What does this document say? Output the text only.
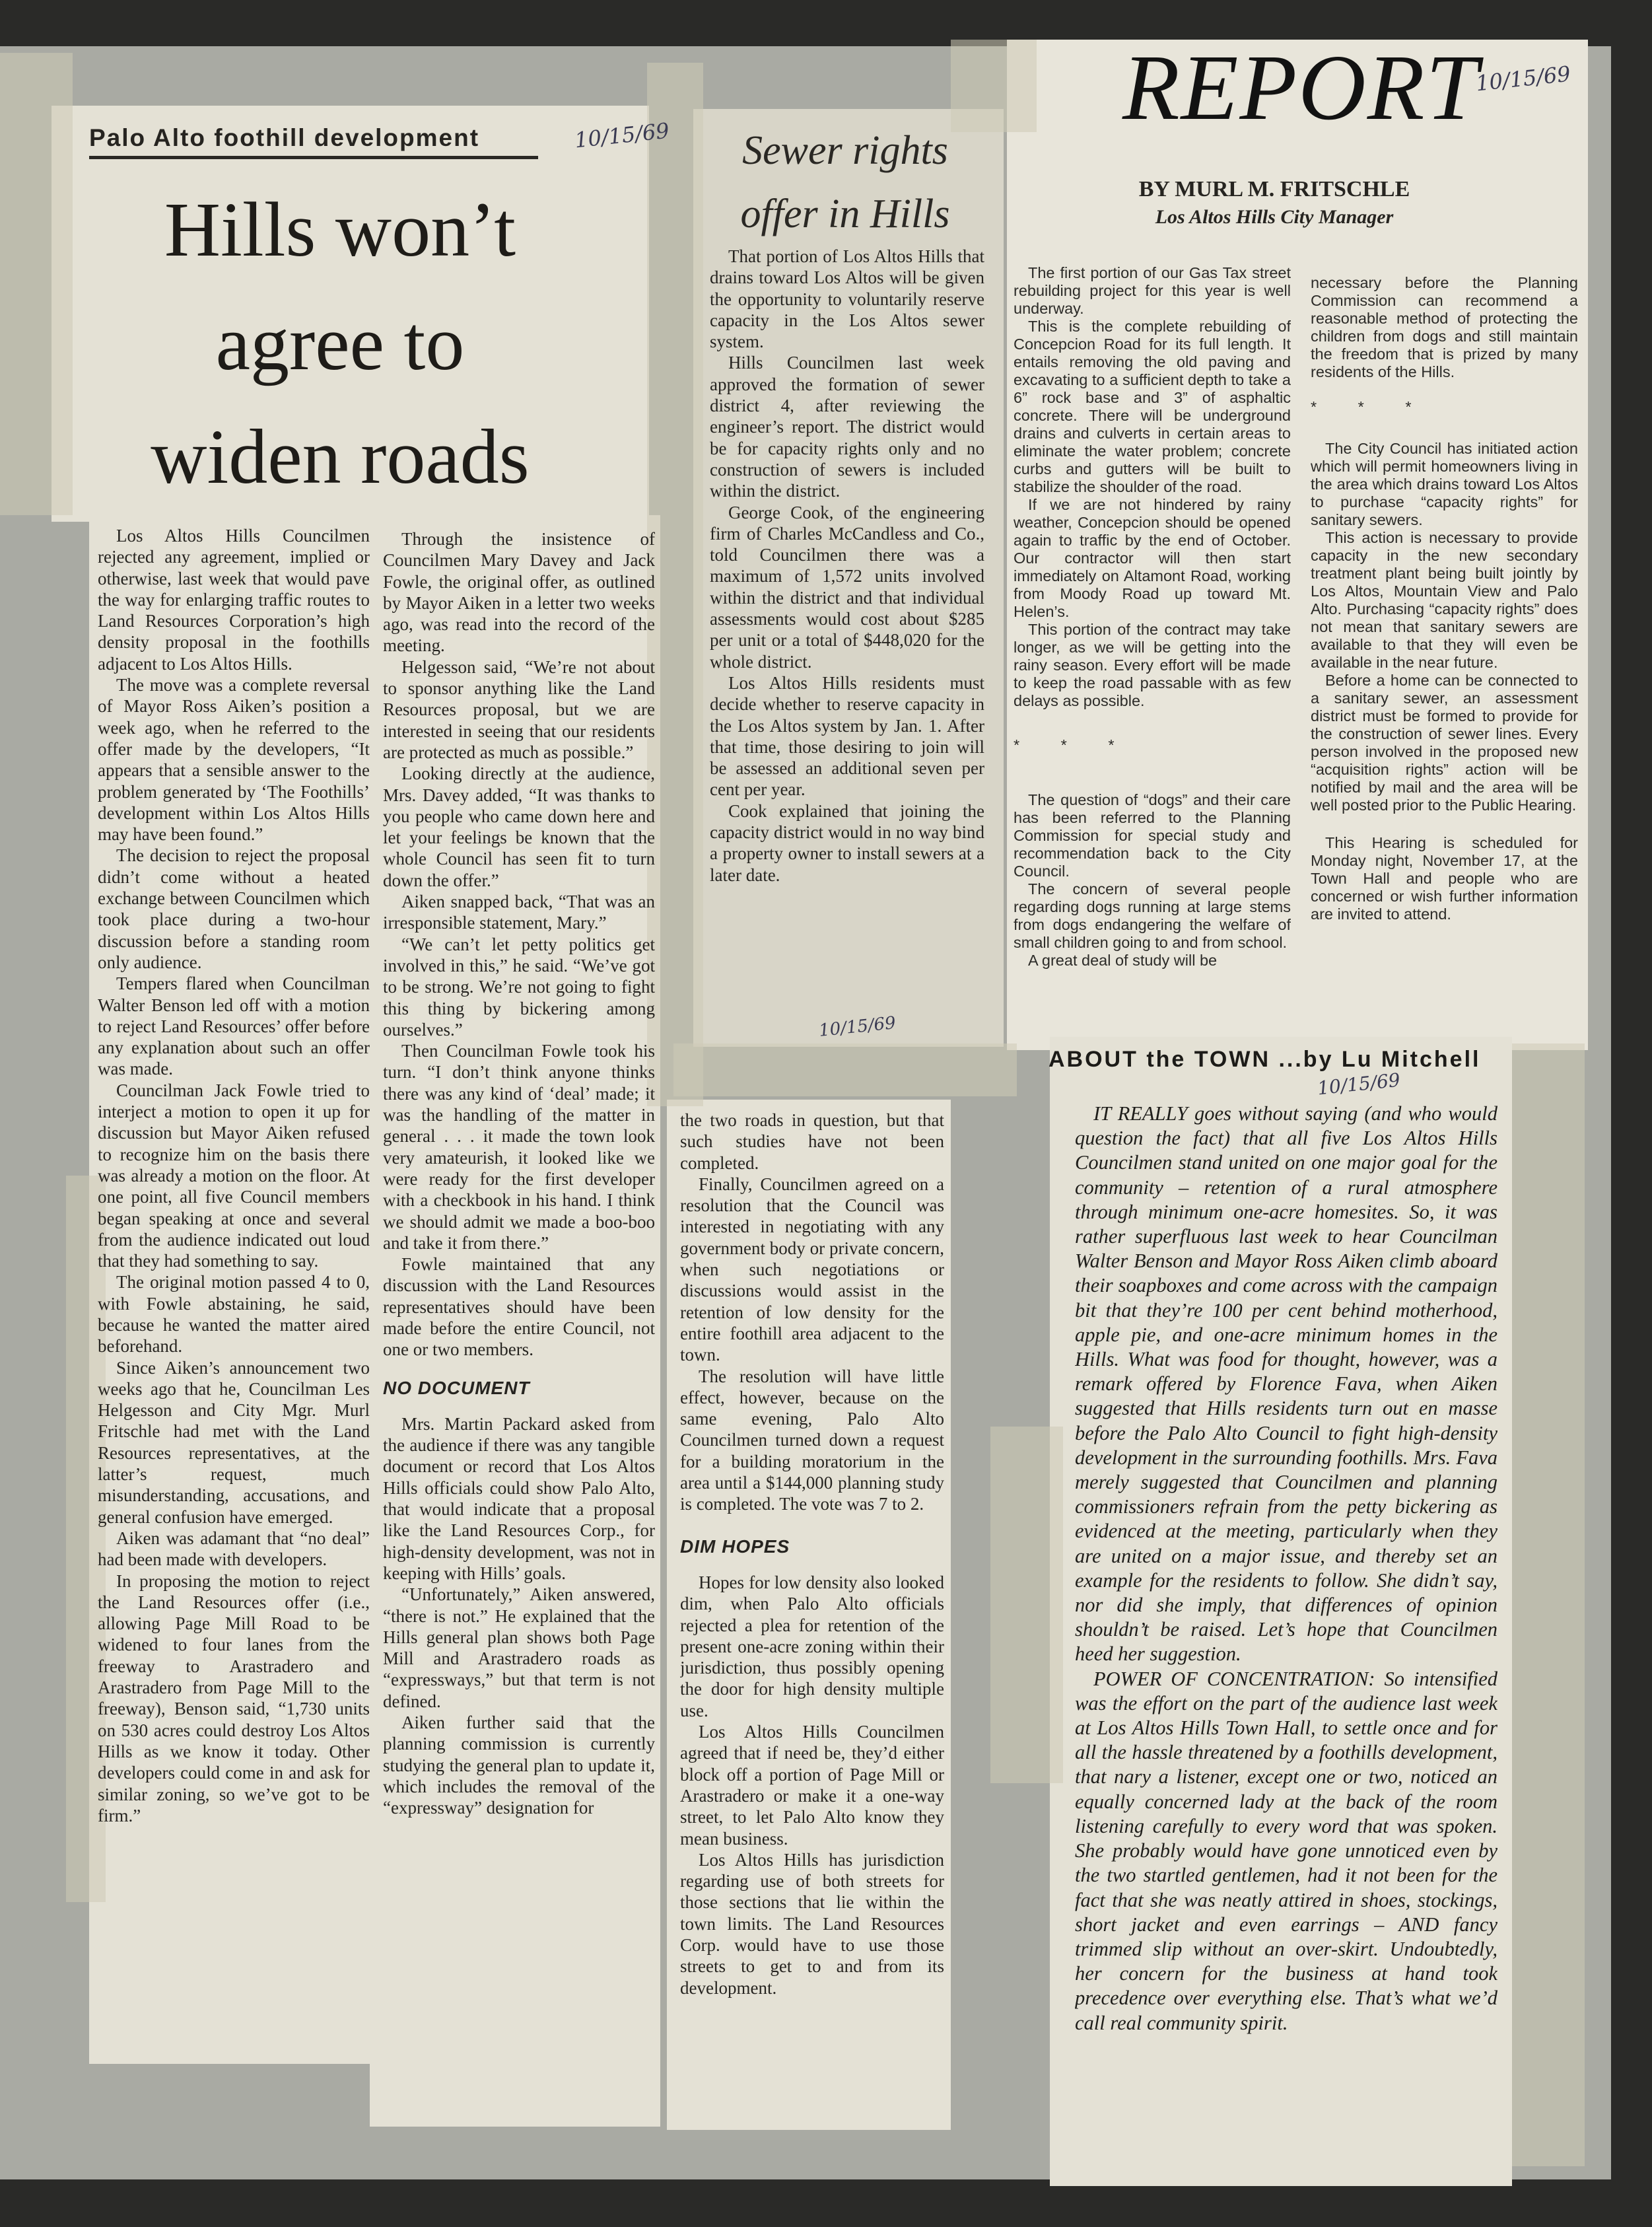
Palo Alto foothill development	10/15/69
Hills won’t
agree to
widen roads

Los Altos Hills Councilmen rejected any agreement, implied or otherwise, last week that would pave the way for enlarging traffic routes to Land Resources Corporation’s high density proposal in the foothills adjacent to Los Altos Hills.

The move was a complete reversal of Mayor Ross Aiken’s position a week ago, when he referred to the offer made by the developers, “It appears that a sensible answer to the problem generated by ‘The Foothills’ development within Los Altos Hills may have been found.”

The decision to reject the proposal didn’t come without a heated exchange between Councilmen which took place during a two-hour discussion before a standing room only audience.

Tempers flared when Councilman Walter Benson led off with a motion to reject Land Resources’ offer before any explanation about such an offer was made.

Councilman Jack Fowle tried to interject a motion to open it up for discussion but Mayor Aiken refused to recognize him on the basis there was already a motion on the floor. At one point, all five Council members began speaking at once and several from the audience indicated out loud that they had something to say.

The original motion passed 4 to 0, with Fowle abstaining, he said, because he wanted the matter aired beforehand.

Since Aiken’s announcement two weeks ago that he, Councilman Les Helgesson and City Mgr. Murl Fritschle had met with the Land Resources representatives, at the latter’s request, much misunderstanding, accusations, and general confusion have emerged.

Aiken was adamant that “no deal” had been made with developers.

In proposing the motion to reject the Land Resources offer (i.e., allowing Page Mill Road to be widened to four lanes from the freeway to Arastradero and Arastradero from Page Mill to the freeway), Benson said, “1,730 units on 530 acres could destroy Los Altos Hills as we know it today. Other developers could come in and ask for similar zoning, so we’ve got to be firm.”

Through the insistence of Councilmen Mary Davey and Jack Fowle, the original offer, as outlined by Mayor Aiken in a letter two weeks ago, was read into the record of the meeting.

Helgesson said, “We’re not about to sponsor anything like the Land Resources proposal, but we are interested in seeing that our residents are protected as much as possible.”

Looking directly at the audience, Mrs. Davey added, “It was thanks to you people who came down here and let your feelings be known that the whole Council has seen fit to turn down the offer.”

Aiken snapped back, “That was an irresponsible statement, Mary.”

“We can’t let petty politics get involved in this,” he said. “We’ve got to be strong. We’re not going to fight this thing by bickering among ourselves.”

Then Councilman Fowle took his turn. “I don’t think anyone thinks there was any kind of ‘deal’ made; it was the handling of the matter in general . . . it made the town look very amateurish, it looked like we were ready for the first developer with a checkbook in his hand. I think we should admit we made a boo-boo and take it from there.”

Fowle maintained that any discussion with the Land Resources representatives should have been made before the entire Council, not one or two members.

NO DOCUMENT

Mrs. Martin Packard asked from the audience if there was any tangible document or record that Los Altos Hills officials could show Palo Alto, that would indicate that a proposal like the Land Resources Corp., for high-density development, was not in keeping with Hills’ goals.

“Unfortunately,” Aiken answered, “there is not.” He explained that the Hills general plan shows both Page Mill and Arastradero roads as “expressways,” but that term is not defined.

Aiken further said that the planning commission is currently studying the general plan to update it, which includes the removal of the “expressway” designation for

the two roads in question, but that such studies have not been completed.

Finally, Councilmen agreed on a resolution that the Council was interested in negotiating with any government body or private concern, when such negotiations or discussions would assist in the retention of low density for the entire foothill area adjacent to the town.

The resolution will have little effect, however, because on the same evening, Palo Alto Councilmen turned down a request for a building moratorium in the area until a $144,000 planning study is completed. The vote was 7 to 2.

DIM HOPES

Hopes for low density also looked dim, when Palo Alto officials rejected a plea for retention of the present one-acre zoning within their jurisdiction, thus possibly opening the door for high density multiple use.

Los Altos Hills Councilmen agreed that if need be, they’d either block off a portion of Page Mill or Arastradero or make it a one-way street, to let Palo Alto know they mean business.

Los Altos Hills has jurisdiction regarding use of both streets for those sections that lie within the town limits. The Land Resources Corp. would have to use those streets to get to and from its development.

Sewer rights
offer in Hills

That portion of Los Altos Hills that drains toward Los Altos will be given the opportunity to voluntarily reserve capacity in the Los Altos sewer system.

Hills Councilmen last week approved the formation of sewer district 4, after reviewing the engineer’s report. The district would be for capacity rights only and no construction of sewers is included within the district.

George Cook, of the engineering firm of Charles McCandless and Co., told Councilmen there was a maximum of 1,572 units involved within the district and that individual assessments would cost about $285 per unit or a total of $448,020 for the whole district.

Los Altos Hills residents must decide whether to reserve capacity in the Los Altos system by Jan. 1. After that time, those desiring to join will be assessed an additional seven per cent per year.

Cook explained that joining the capacity district would in no way bind a property owner to install sewers at a later date.

10/15/69
REPORT
10/15/69
BY MURL M. FRITSCHLE
Los Altos Hills City Manager

The first portion of our Gas Tax street rebuilding project for this year is well underway.

This is the complete rebuilding of Concepcion Road for its full length. It entails removing the old paving and excavating to a sufficient depth to take a 6” rock base and 3” of asphaltic concrete. There will be underground drains and culverts in certain areas to eliminate the water problem; concrete curbs and gutters will be built to stabilize the shoulder of the road.

If we are not hindered by rainy weather, Concepcion should be opened again to traffic by the end of October. Our contractor will then start immediately on Altamont Road, working from Moody Road up toward Mt. Helen’s.

This portion of the contract may take longer, as we will be getting into the rainy season. Every effort will be made to keep the road passable with as few delays as possible.

* * *

The question of “dogs” and their care has been referred to the Planning Commission for special study and recommendation back to the City Council.

The concern of several people regarding dogs running at large stems from dogs endangering the welfare of small children going to and from school.

A great deal of study will be

necessary before the Planning Commission can recommend a reasonable method of protecting the children from dogs and still maintain the freedom that is prized by many residents of the Hills.

* * *

The City Council has initiated action which will permit homeowners living in the area which drains toward Los Altos to purchase “capacity rights” for sanitary sewers.

This action is necessary to provide capacity in the new secondary treatment plant being built jointly by Los Altos, Mountain View and Palo Alto. Purchasing “capacity rights” does not mean that sanitary sewers are available to that they will even be available in the near future.

Before a home can be connected to a sanitary sewer, an assessment district must be formed to provide for the construction of sewer lines. Every person involved in the proposed new “acquisition rights” action will be notified by mail and the area will be well posted prior to the Public Hearing.

This Hearing is scheduled for Monday night, November 17, at the Town Hall and people who are concerned or wish further information are invited to attend.

ABOUT the TOWN ...by Lu Mitchell
10/15/69

IT REALLY goes without saying (and who would question the fact) that all five Los Altos Hills Councilmen stand united on one major goal for the community – retention of a rural atmosphere through minimum one-acre homesites. So, it was rather superfluous last week to hear Councilman Walter Benson and Mayor Ross Aiken climb aboard their soapboxes and come across with the campaign bit that they’re 100 per cent behind motherhood, apple pie, and one-acre minimum homes in the Hills. What was food for thought, however, was a remark offered by Florence Fava, when Aiken suggested that Hills residents turn out en masse before the Palo Alto Council to fight high-density development in the surrounding foothills. Mrs. Fava merely suggested that Councilmen and planning commissioners refrain from the petty bickering as evidenced at the meeting, particularly when they are united on a major issue, and thereby set an example for the residents to follow. She didn’t say, nor did she imply, that differences of opinion shouldn’t be raised. Let’s hope that Councilmen heed her suggestion.

POWER OF CONCENTRATION: So intensified was the effort on the part of the audience last week at Los Altos Hills Town Hall, to settle once and for all the hassle threatened by a foothills development, that nary a listener, except one or two, noticed an equally concerned lady at the back of the room listening carefully to every word that was spoken. She probably would have gone unnoticed even by the two startled gentlemen, had it not been for the fact that she was neatly attired in shoes, stockings, short jacket and even earrings – AND fancy trimmed slip without an over-skirt. Undoubtedly, her concern for the business at hand took precedence over everything else. That’s what we’d call real community spirit.
